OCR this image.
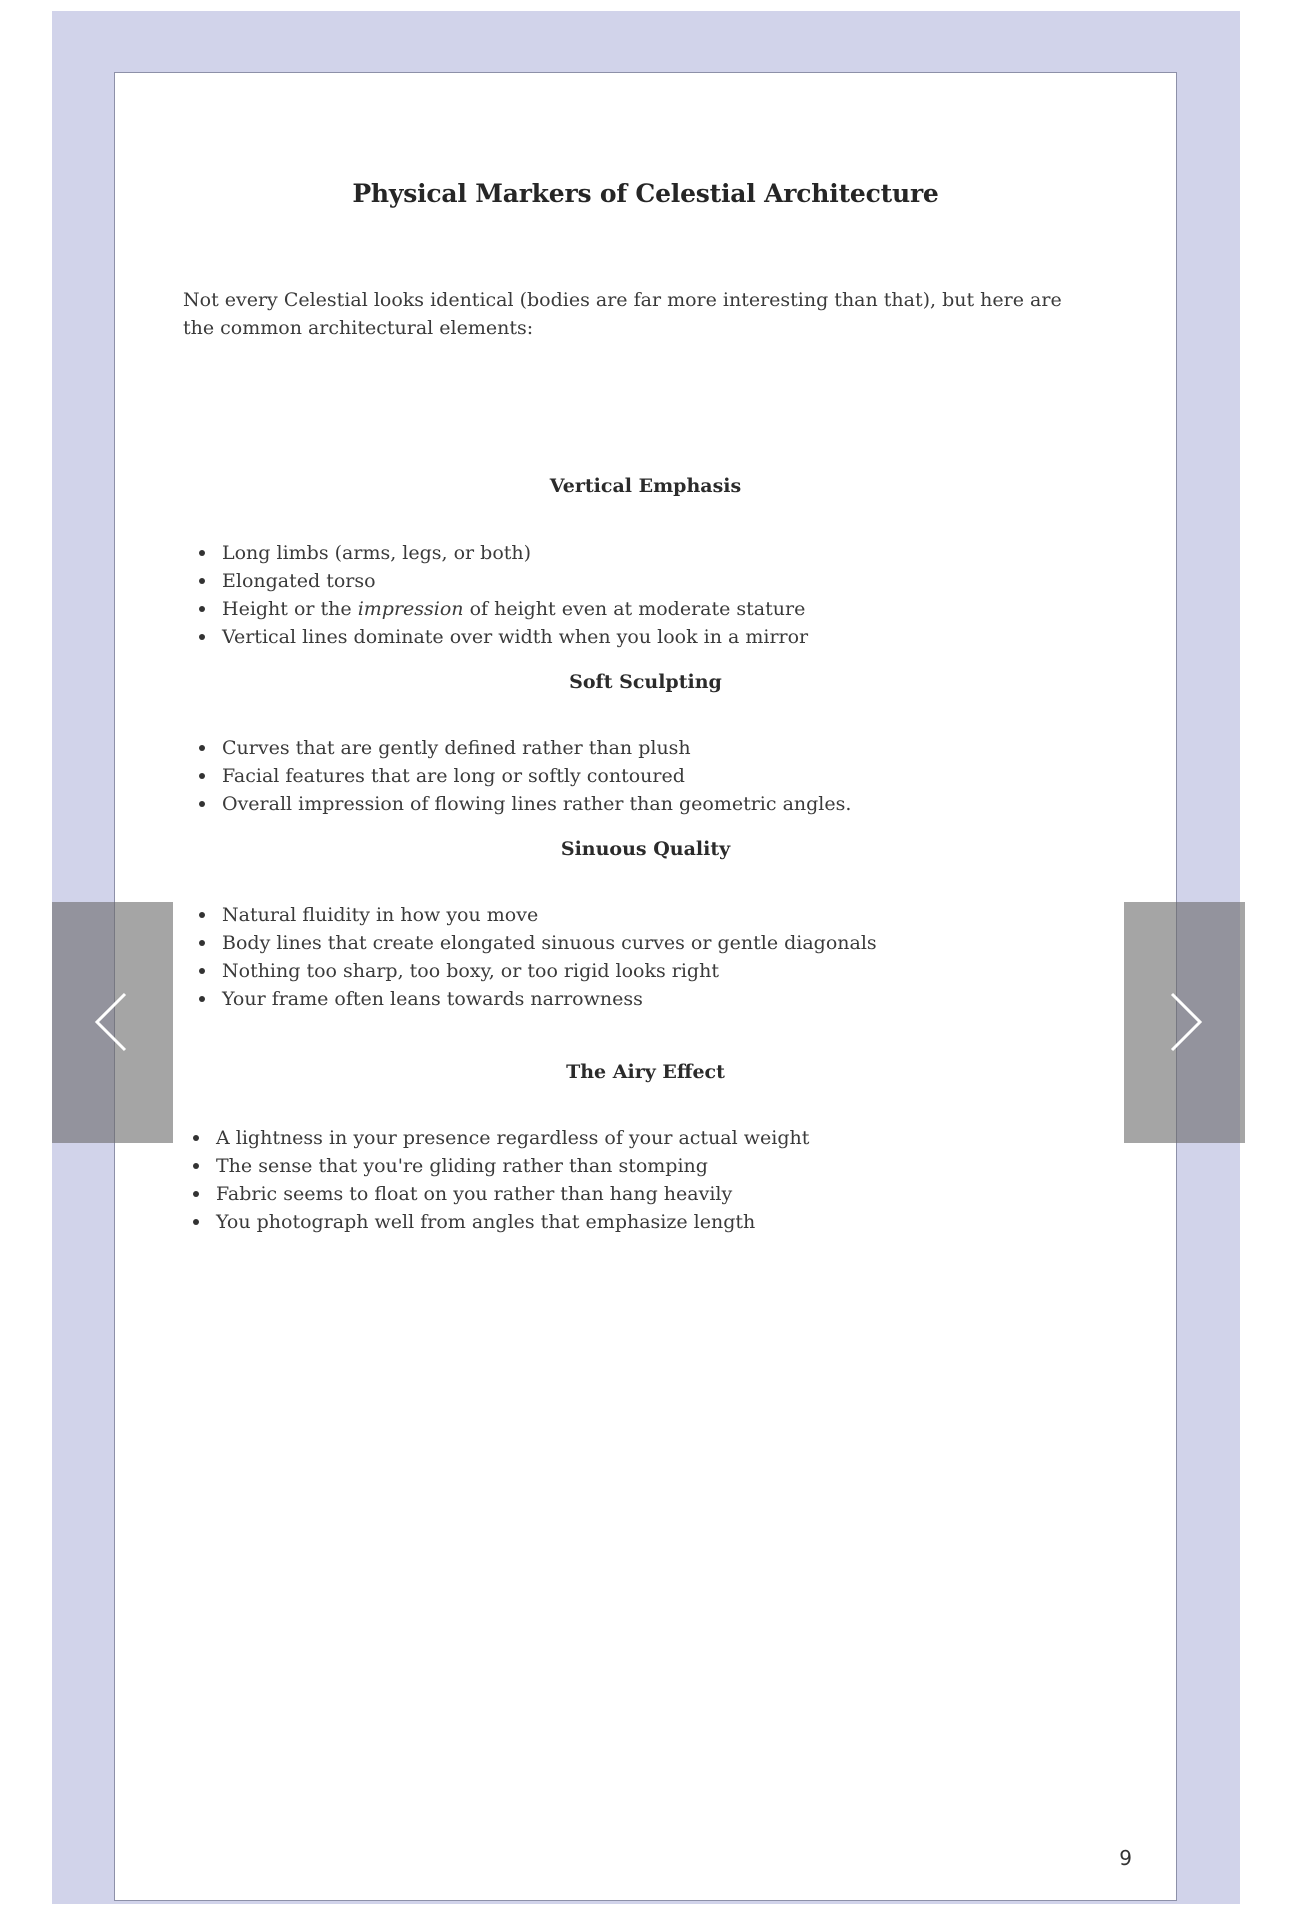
Physical Markers of Celestial Architecture

Not every Celestial looks identical (bodies are far more interesting than that), but here are the common architectural elements:

Vertical Emphasis
Long limbs (arms, legs, or both)
Elongated torso
Height or the impression of height even at moderate stature
Vertical lines dominate over width when you look in a mirror
Soft Sculpting
Curves that are gently defined rather than plush
Facial features that are long or softly contoured
Overall impression of flowing lines rather than geometric angles.
Sinuous Quality
Natural fluidity in how you move
Body lines that create elongated sinuous curves or gentle diagonals
Nothing too sharp, too boxy, or too rigid looks right
Your frame often leans towards narrowness
The Airy Effect
A lightness in your presence regardless of your actual weight
The sense that you're gliding rather than stomping
Fabric seems to float on you rather than hang heavily
You photograph well from angles that emphasize length
9
